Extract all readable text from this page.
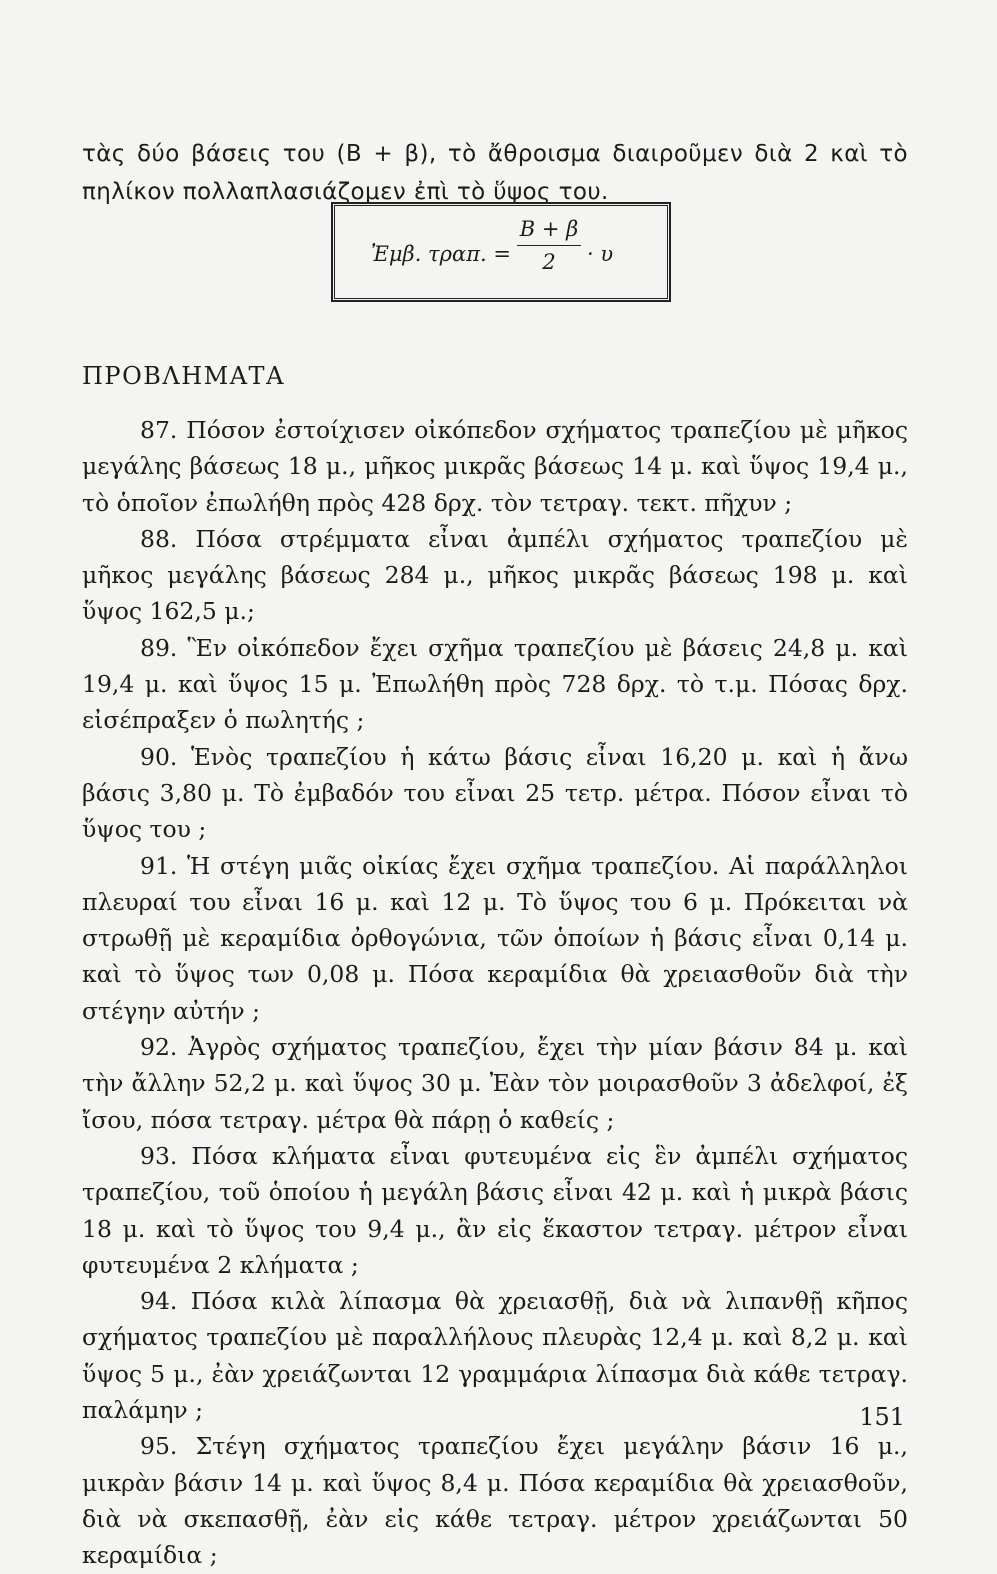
τὰς δύο βάσεις του (Β + β), τὸ ἄθροισμα διαιροῦμεν διὰ 2 καὶ τὸ πηλίκον πολλαπλασιάζομεν ἐπὶ τὸ ὕψος του.

Ἐμβ. τραπ. =
Β + β
2	· υ
ΠΡΟΒΛΗΜΑΤΑ

87. Πόσον ἐστοίχισεν οἰκόπεδον σχήματος τραπεζίου μὲ μῆκος μεγάλης βάσεως 18 μ., μῆκος μικρᾶς βάσεως 14 μ. καὶ ὕψος 19,4 μ., τὸ ὁποῖον ἐπωλήθη πρὸς 428 δρχ. τὸν τετραγ. τεκτ. πῆχυν ;

88. Πόσα στρέμματα εἶναι ἀμπέλι σχήματος τραπεζίου μὲ μῆκος μεγάλης βάσεως 284 μ., μῆκος μικρᾶς βάσεως 198 μ. καὶ ὕψος 162,5 μ.;

89. Ἓν οἰκόπεδον ἔχει σχῆμα τραπεζίου μὲ βάσεις 24,8 μ. καὶ 19,4 μ. καὶ ὕψος 15 μ. Ἐπωλήθη πρὸς 728 δρχ. τὸ τ.μ. Πόσας δρχ. εἰσέπραξεν ὁ πωλητής ;

90. Ἑνὸς τραπεζίου ἡ κάτω βάσις εἶναι 16,20 μ. καὶ ἡ ἄνω βάσις 3,80 μ. Τὸ ἐμβαδόν του εἶναι 25 τετρ. μέτρα. Πόσον εἶναι τὸ ὕψος του ;

91. Ἡ στέγη μιᾶς οἰκίας ἔχει σχῆμα τραπεζίου. Αἱ παράλληλοι πλευραί του εἶναι 16 μ. καὶ 12 μ. Τὸ ὕψος του 6 μ. Πρόκειται νὰ στρωθῇ μὲ κεραμίδια ὀρθογώνια, τῶν ὁποίων ἡ βάσις εἶναι 0,14 μ. καὶ τὸ ὕψος των 0,08 μ. Πόσα κεραμίδια θὰ χρειασθοῦν διὰ τὴν στέγην αὐτήν ;

92. Ἀγρὸς σχήματος τραπεζίου, ἔχει τὴν μίαν βάσιν 84 μ. καὶ τὴν ἄλλην 52,2 μ. καὶ ὕψος 30 μ. Ἐὰν τὸν μοιρασθοῦν 3 ἀδελφοί, ἐξ ἴσου, πόσα τετραγ. μέτρα θὰ πάρῃ ὁ καθείς ;

93. Πόσα κλήματα εἶναι φυτευμένα εἰς ἓν ἀμπέλι σχήματος τραπεζίου, τοῦ ὁποίου ἡ μεγάλη βάσις εἶναι 42 μ. καὶ ἡ μικρὰ βάσις 18 μ. καὶ τὸ ὕψος του 9,4 μ., ἂν εἰς ἕκαστον τετραγ. μέτρον εἶναι φυτευμένα 2 κλήματα ;

94. Πόσα κιλὰ λίπασμα θὰ χρειασθῇ, διὰ νὰ λιπανθῇ κῆπος σχήματος τραπεζίου μὲ παραλλήλους πλευρὰς 12,4 μ. καὶ 8,2 μ. καὶ ὕψος 5 μ., ἐὰν χρειάζωνται 12 γραμμάρια λίπασμα διὰ κάθε τετραγ. παλάμην ;

95. Στέγη σχήματος τραπεζίου ἔχει μεγάλην βάσιν 16 μ., μικρὰν βάσιν 14 μ. καὶ ὕψος 8,4 μ. Πόσα κεραμίδια θὰ χρειασθοῦν, διὰ νὰ σκεπασθῇ, ἐὰν εἰς κάθε τετραγ. μέτρον χρειάζωνται 50 κεραμίδια ;

151
